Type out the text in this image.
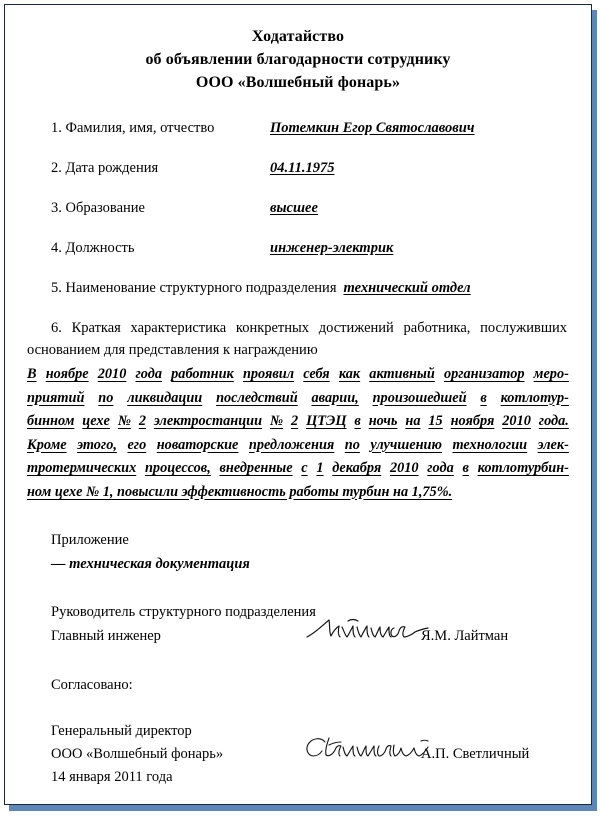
Ходатайство
об объявлении благодарности сотруднику
ООО «Волшебный фонарь»
1. Фамилия, имя, отчество	Потемкин Егор Святославович
2. Дата рождения	04.11.1975
3. Образование	высшее
4. Должность	инженер-электрик
5. Наименование структурного подразделения технический отдел

6. Краткая характеристика конкретных достижений работника, послуживших основанием для представления к награждению

В ноябре 2010 года работник проявил себя как активный организатор меро-
приятий по ликвидации последствий аварии, произошедшей в котлотур-
бинном цехе № 2 электростанции № 2 ЦТЭЦ в ночь на 15 ноября 2010 года.
Кроме этого, его новаторские предложения по улучшению технологии элек-
тротермических процессов, внедренные с 1 декабря 2010 года в котлотурбин-
ном цехе № 1, повысили эффективность работы турбин на 1,75%.
Приложение
— техническая документация
Руководитель структурного подразделения
Главный инженер	Я.М. Лайтман
Согласовано:
Генеральный директор
ООО «Волшебный фонарь»	А.П. Светличный
14 января 2011 года
